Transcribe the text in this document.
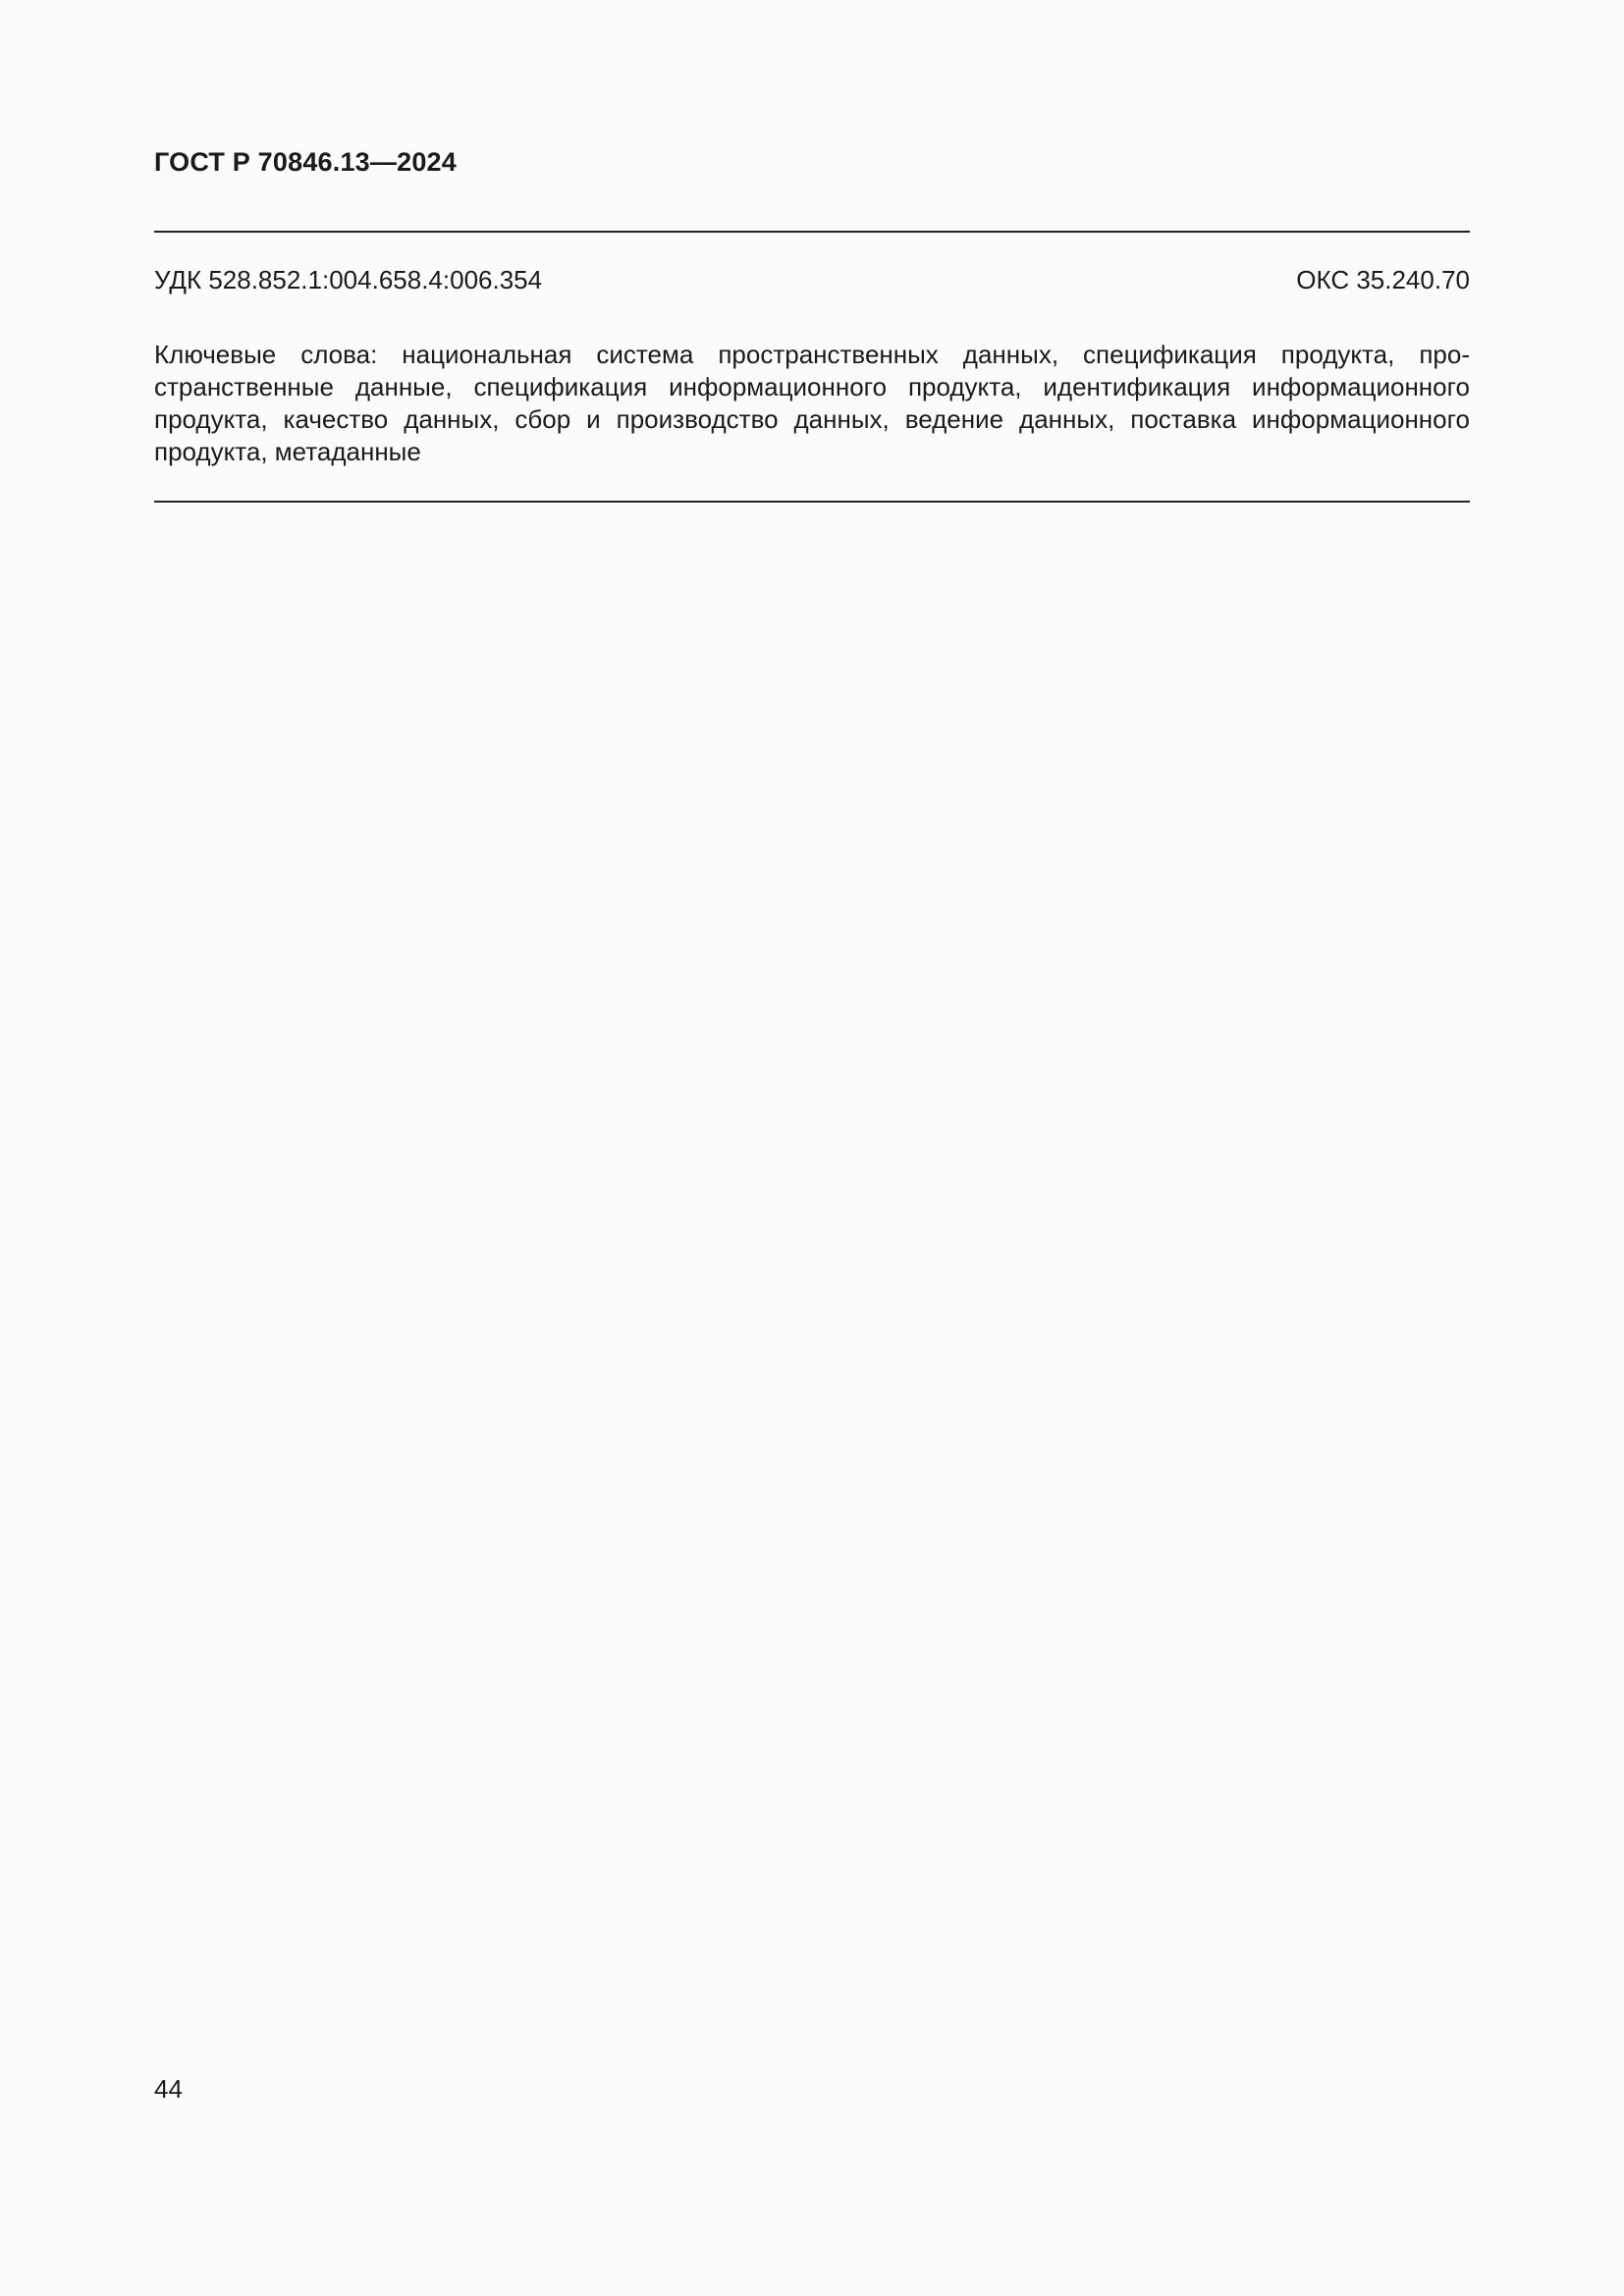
ГОСТ Р 70846.13—2024
УДК 528.852.1:004.658.4:006.354	ОКС 35.240.70
Ключевые слова: национальная система пространственных данных, спецификация продукта, пространственные данные, спецификация информационного продукта, идентификация информационного продукта, качество данных, сбор и производство данных, ведение данных, поставка информационного продукта, метаданные
44
